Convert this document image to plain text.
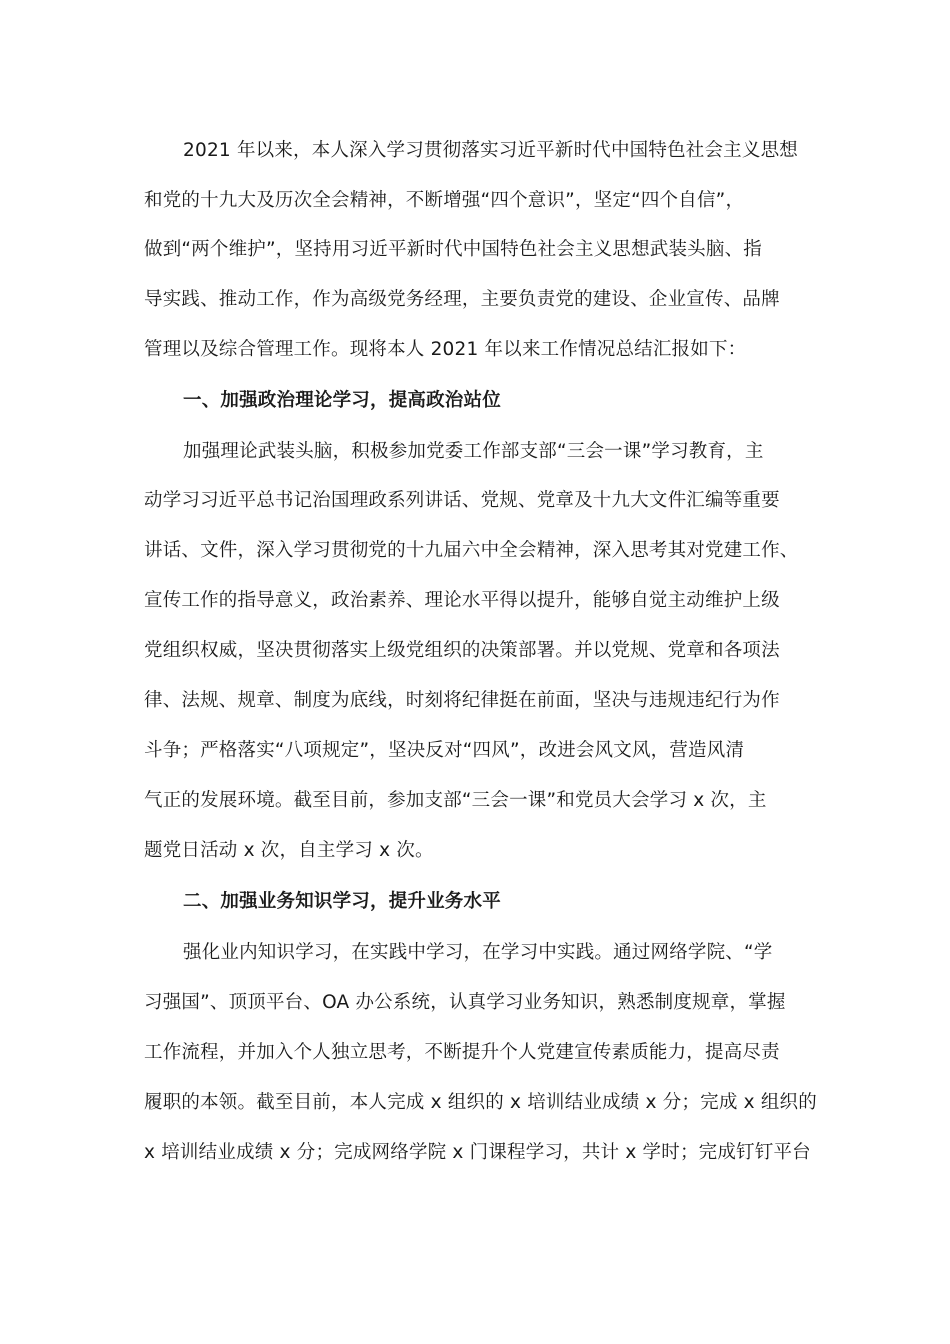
2021 年以来，本人深入学习贯彻落实习近平新时代中国特色社会主义思想
和党的十九大及历次全会精神，不断增强“四个意识”，坚定“四个自信”，
做到“两个维护”，坚持用习近平新时代中国特色社会主义思想武装头脑、指
导实践、推动工作，作为高级党务经理，主要负责党的建设、企业宣传、品牌
管理以及综合管理工作。现将本人 2021 年以来工作情况总结汇报如下：
一、加强政治理论学习，提高政治站位
加强理论武装头脑，积极参加党委工作部支部“三会一课”学习教育，主
动学习习近平总书记治国理政系列讲话、党规、党章及十九大文件汇编等重要
讲话、文件，深入学习贯彻党的十九届六中全会精神，深入思考其对党建工作、
宣传工作的指导意义，政治素养、理论水平得以提升，能够自觉主动维护上级
党组织权威，坚决贯彻落实上级党组织的决策部署。并以党规、党章和各项法
律、法规、规章、制度为底线，时刻将纪律挺在前面，坚决与违规违纪行为作
斗争；严格落实“八项规定”，坚决反对“四风”，改进会风文风，营造风清
气正的发展环境。截至目前，参加支部“三会一课”和党员大会学习 x 次，主
题党日活动 x 次，自主学习 x 次。
二、加强业务知识学习，提升业务水平
强化业内知识学习，在实践中学习，在学习中实践。通过网络学院、“学
习强国”、顶顶平台、OA 办公系统，认真学习业务知识，熟悉制度规章，掌握
工作流程，并加入个人独立思考，不断提升个人党建宣传素质能力，提高尽责
履职的本领。截至目前，本人完成 x 组织的 x 培训结业成绩 x 分；完成 x 组织的
x 培训结业成绩 x 分；完成网络学院 x 门课程学习，共计 x 学时；完成钉钉平台
